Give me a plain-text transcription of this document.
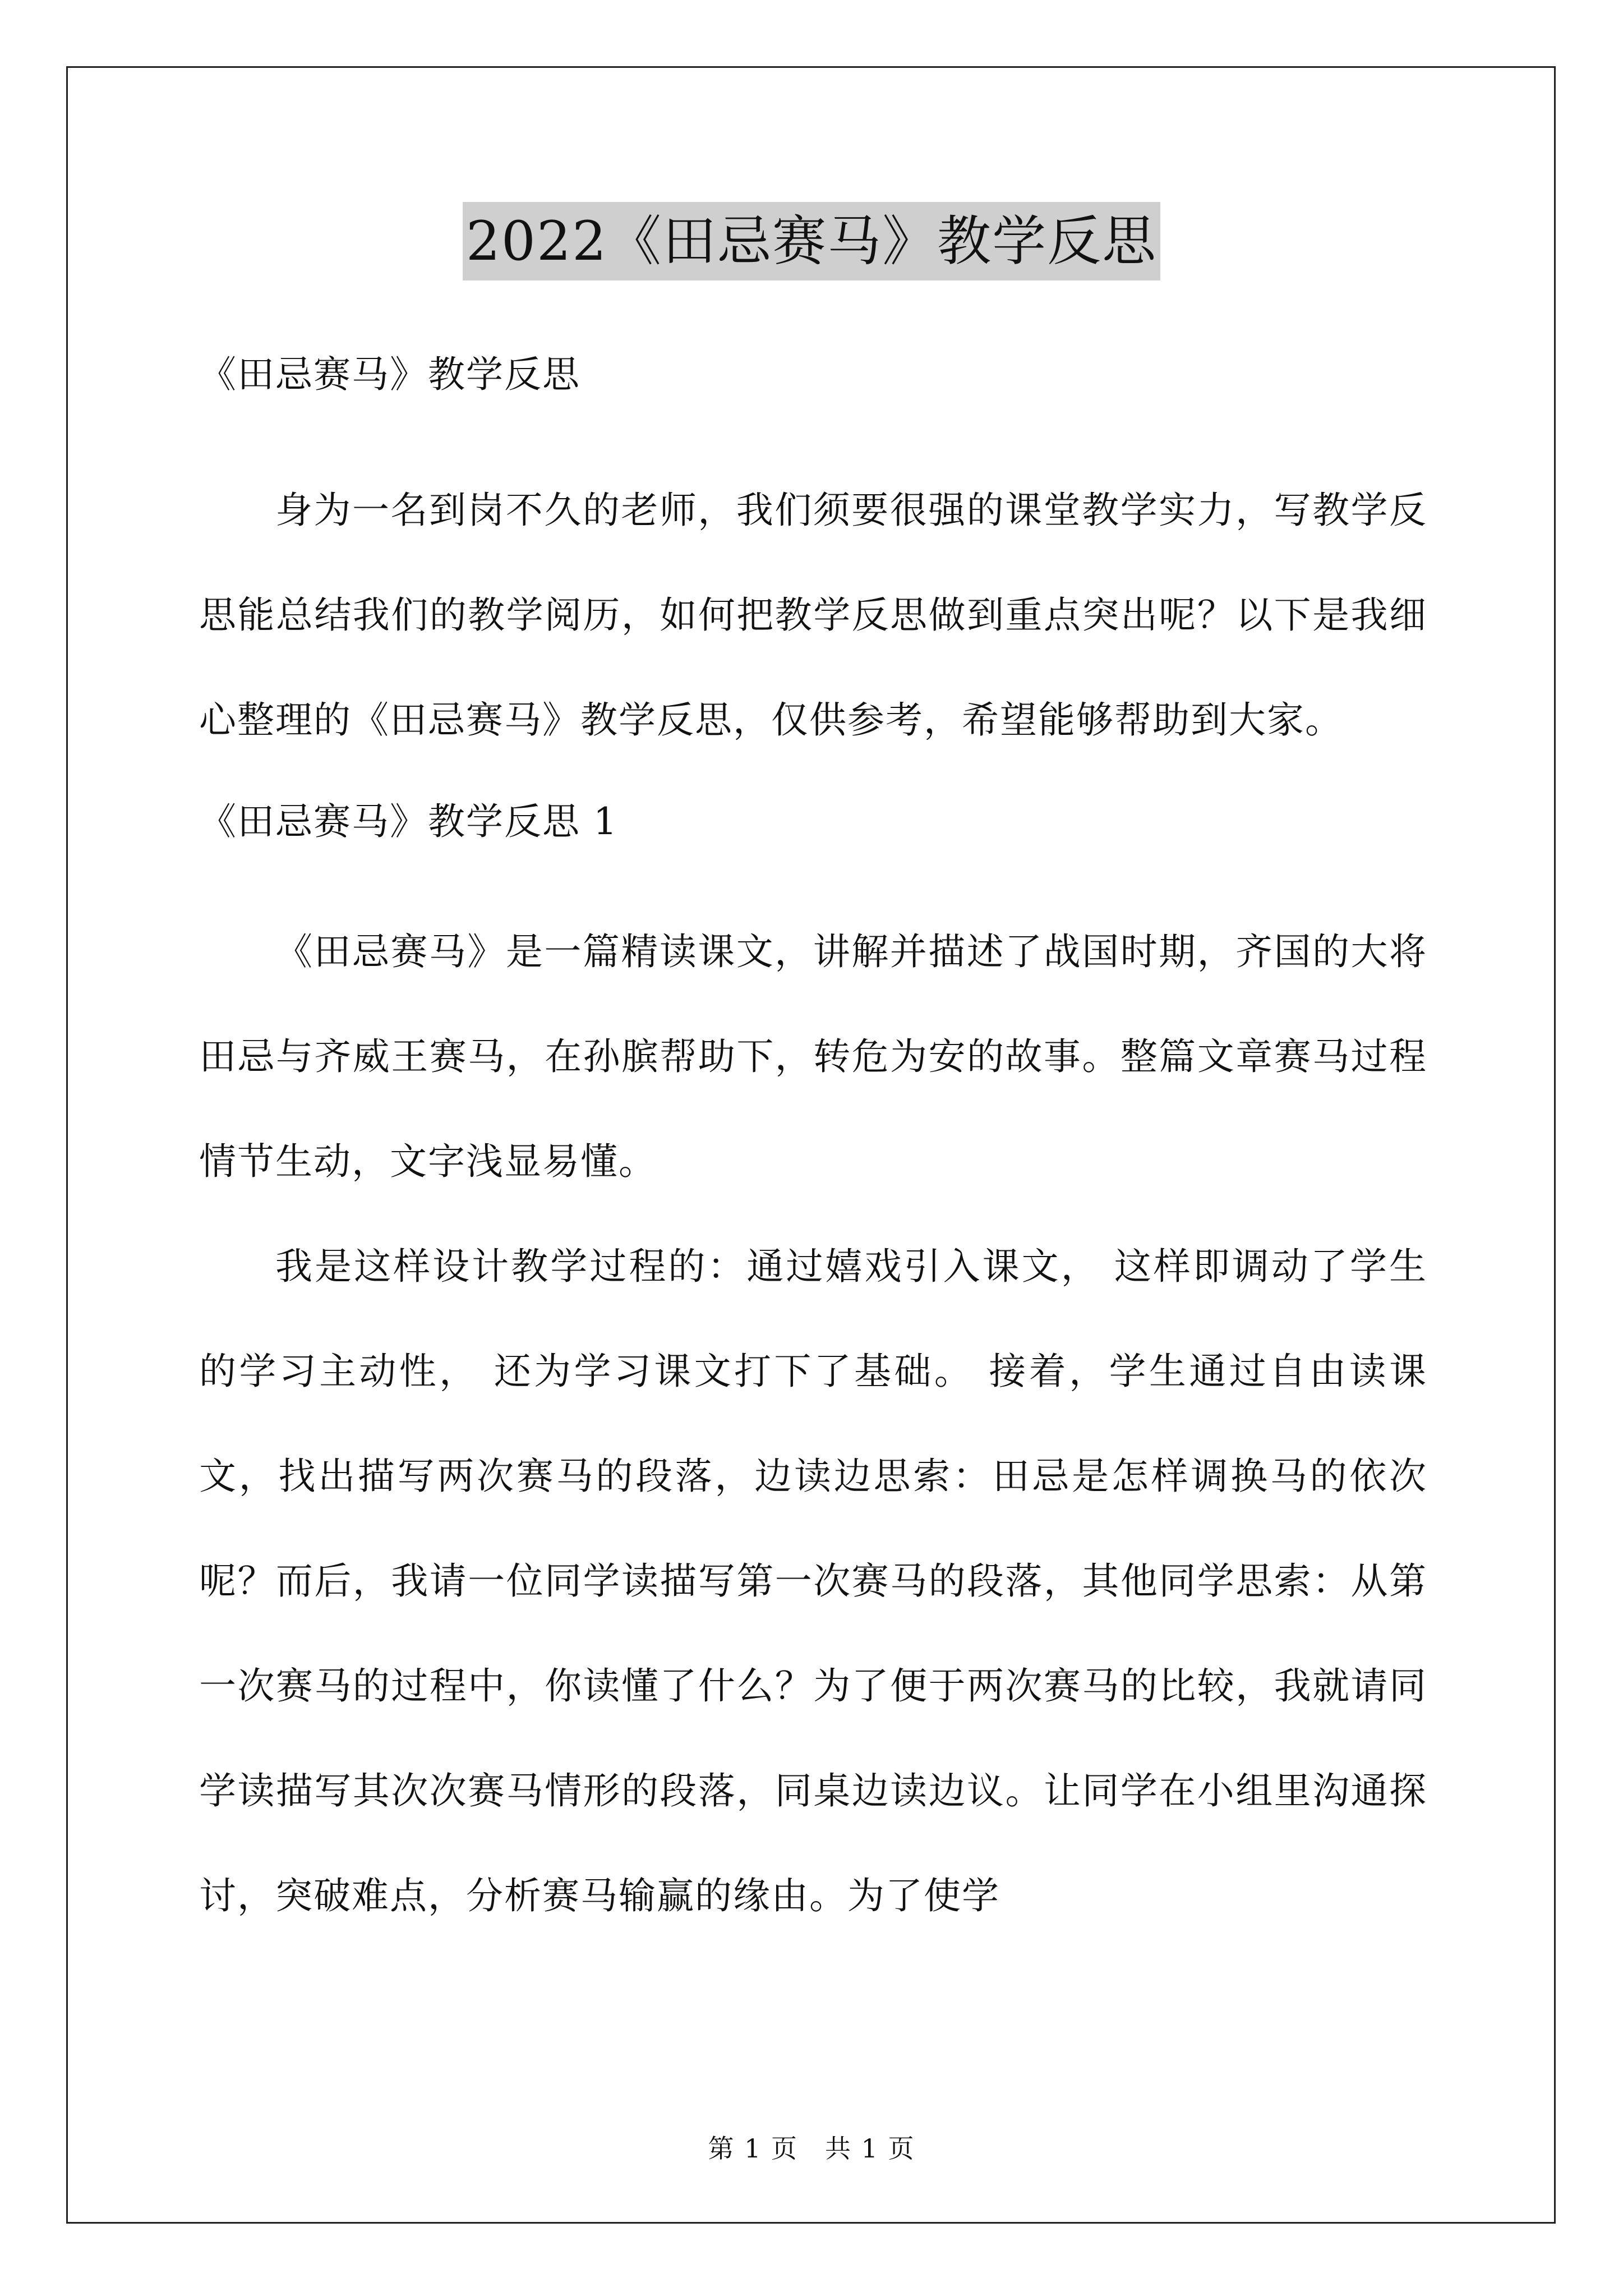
2022《田忌赛马》教学反思

《田忌赛马》教学反思

身为一名到岗不久的老师，我们须要很强的课堂教学实力，写教学反思能总结我们的教学阅历，如何把教学反思做到重点突出呢？以下是我细心整理的《田忌赛马》教学反思，仅供参考，希望能够帮助到大家。

《田忌赛马》教学反思 1

《田忌赛马》是一篇精读课文，讲解并描述了战国时期，齐国的大将田忌与齐威王赛马，在孙膑帮助下，转危为安的故事。整篇文章赛马过程情节生动，文字浅显易懂。

我是这样设计教学过程的：通过嬉戏引入课文， 这样即调动了学生的学习主动性， 还为学习课文打下了基础。 接着，学生通过自由读课文，找出描写两次赛马的段落，边读边思索：田忌是怎样调换马的依次呢？而后，我请一位同学读描写第一次赛马的段落，其他同学思索：从第一次赛马的过程中，你读懂了什么？为了便于两次赛马的比较，我就请同学读描写其次次赛马情形的段落，同桌边读边议。让同学在小组里沟通探讨，突破难点，分析赛马输赢的缘由。为了使学

第 1 页　共 1 页
